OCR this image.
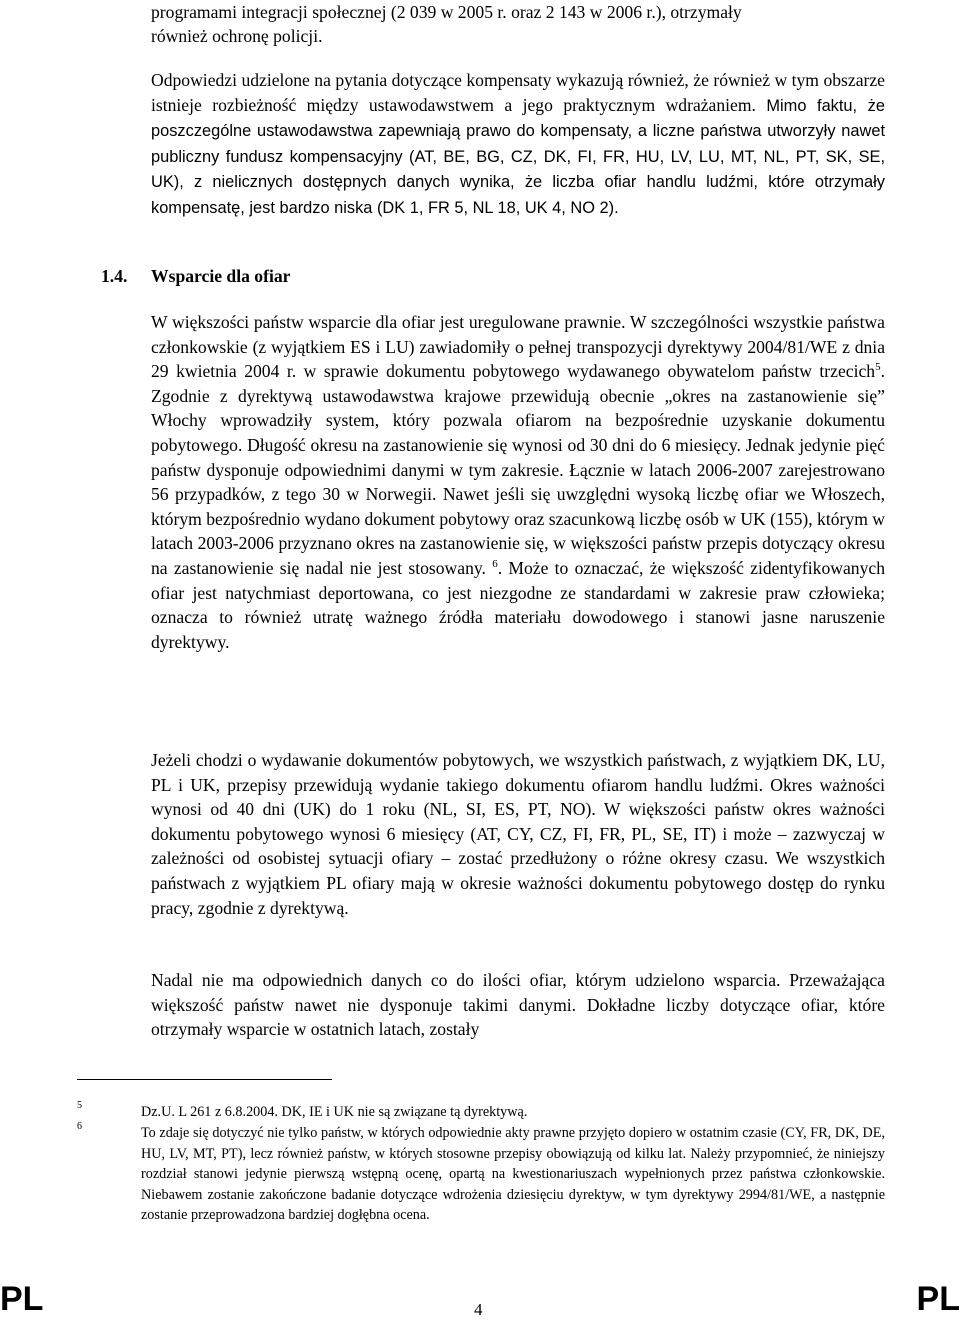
programami integracji społecznej (2 039 w 2005 r. oraz 2 143 w 2006 r.), otrzymały
również ochronę policji.
Odpowiedzi udzielone na pytania dotyczące kompensaty wykazują również, że również w tym obszarze istnieje rozbieżność między ustawodawstwem a jego praktycznym wdrażaniem. Mimo faktu, że poszczególne ustawodawstwa zapewniają prawo do kompensaty, a liczne państwa utworzyły nawet publiczny fundusz kompensacyjny (AT, BE, BG, CZ, DK, FI, FR, HU, LV, LU, MT, NL, PT, SK, SE, UK), z nielicznych dostępnych danych wynika, że liczba ofiar handlu ludźmi, które otrzymały kompensatę, jest bardzo niska (DK 1, FR 5, NL 18, UK 4, NO 2).
1.4. Wsparcie dla ofiar
W większości państw wsparcie dla ofiar jest uregulowane prawnie. W szczególności wszystkie państwa członkowskie (z wyjątkiem ES i LU) zawiadomiły o pełnej transpozycji dyrektywy 2004/81/WE z dnia 29 kwietnia 2004 r. w sprawie dokumentu pobytowego wydawanego obywatelom państw trzecich$^5$. Zgodnie z dyrektywą ustawodawstwa krajowe przewidują obecnie „okres na zastanowienie się” Włochy wprowadziły system, który pozwala ofiarom na bezpośrednie uzyskanie dokumentu pobytowego. Długość okresu na zastanowienie się wynosi od 30 dni do 6 miesięcy. Jednak jedynie pięć państw dysponuje odpowiednimi danymi w tym zakresie. Łącznie w latach 2006-2007 zarejestrowano 56 przypadków, z tego 30 w Norwegii. Nawet jeśli się uwzględni wysoką liczbę ofiar we Włoszech, którym bezpośrednio wydano dokument pobytowy oraz szacunkową liczbę osób w UK (155), którym w latach 2003-2006 przyznano okres na zastanowienie się, w większości państw przepis dotyczący okresu na zastanowienie się nadal nie jest stosowany. $^6$. Może to oznaczać, że większość zidentyfikowanych ofiar jest natychmiast deportowana, co jest niezgodne ze standardami w zakresie praw człowieka; oznacza to również utratę ważnego źródła materiału dowodowego i stanowi jasne naruszenie dyrektywy.
Jeżeli chodzi o wydawanie dokumentów pobytowych, we wszystkich państwach, z wyjątkiem DK, LU, PL i UK, przepisy przewidują wydanie takiego dokumentu ofiarom handlu ludźmi. Okres ważności wynosi od 40 dni (UK) do 1 roku (NL, SI, ES, PT, NO). W większości państw okres ważności dokumentu pobytowego wynosi 6 miesięcy (AT, CY, CZ, FI, FR, PL, SE, IT) i może – zazwyczaj w zależności od osobistej sytuacji ofiary – zostać przedłużony o różne okresy czasu. We wszystkich państwach z wyjątkiem PL ofiary mają w okresie ważności dokumentu pobytowego dostęp do rynku pracy, zgodnie z dyrektywą.
Nadal nie ma odpowiednich danych co do ilości ofiar, którym udzielono wsparcia. Przeważająca większość państw nawet nie dysponuje takimi danymi. Dokładne liczby dotyczące ofiar, które otrzymały wsparcie w ostatnich latach, zostały
5	Dz.U. L 261 z 6.8.2004. DK, IE i UK nie są związane tą dyrektywą.
6	To zdaje się dotyczyć nie tylko państw, w których odpowiednie akty prawne przyjęto dopiero w ostatnim czasie (CY, FR, DK, DE, HU, LV, MT, PT), lecz również państw, w których stosowne przepisy obowiązują od kilku lat. Należy przypomnieć, że niniejszy rozdział stanowi jedynie pierwszą wstępną ocenę, opartą na kwestionariuszach wypełnionych przez państwa członkowskie. Niebawem zostanie zakończone badanie dotyczące wdrożenia dziesięciu dyrektyw, w tym dyrektywy 2994/81/WE, a następnie zostanie przeprowadzona bardziej dogłębna ocena.
PL	4	PL
